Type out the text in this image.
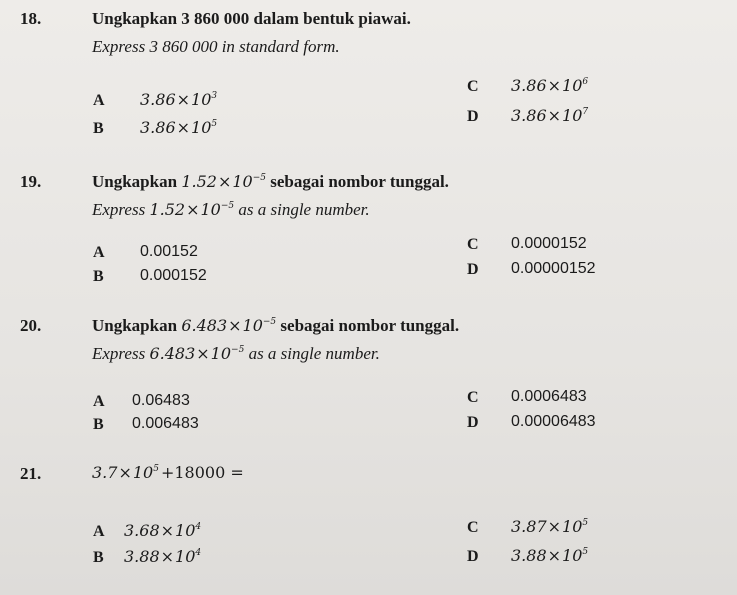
18.	Ungkapkan 3 860 000 dalam bentuk piawai.
Express 3 860 000 in standard form.
A $3.86\times 10^3$
B $3.86\times 10^5$
C $3.86\times 10^6$
D $3.86\times 10^7$
19.	Ungkapkan $1.52\times 10^{-5}$ sebagai nombor tunggal.
Express $1.52\times 10^{-5}$ as a single number.
A 0.00152
B 0.000152
C 0.0000152
D 0.00000152
20.	Ungkapkan $6.483\times 10^{-5}$ sebagai nombor tunggal.
Express $6.483\times 10^{-5}$ as a single number.
A 0.06483
B 0.006483
C 0.0006483
D 0.00006483
21.	$3.7\times 10^5 +18000$ =
A $3.68\times 10^4$
B $3.88\times 10^4$
C $3.87\times 10^5$
D $3.88\times 10^5$
